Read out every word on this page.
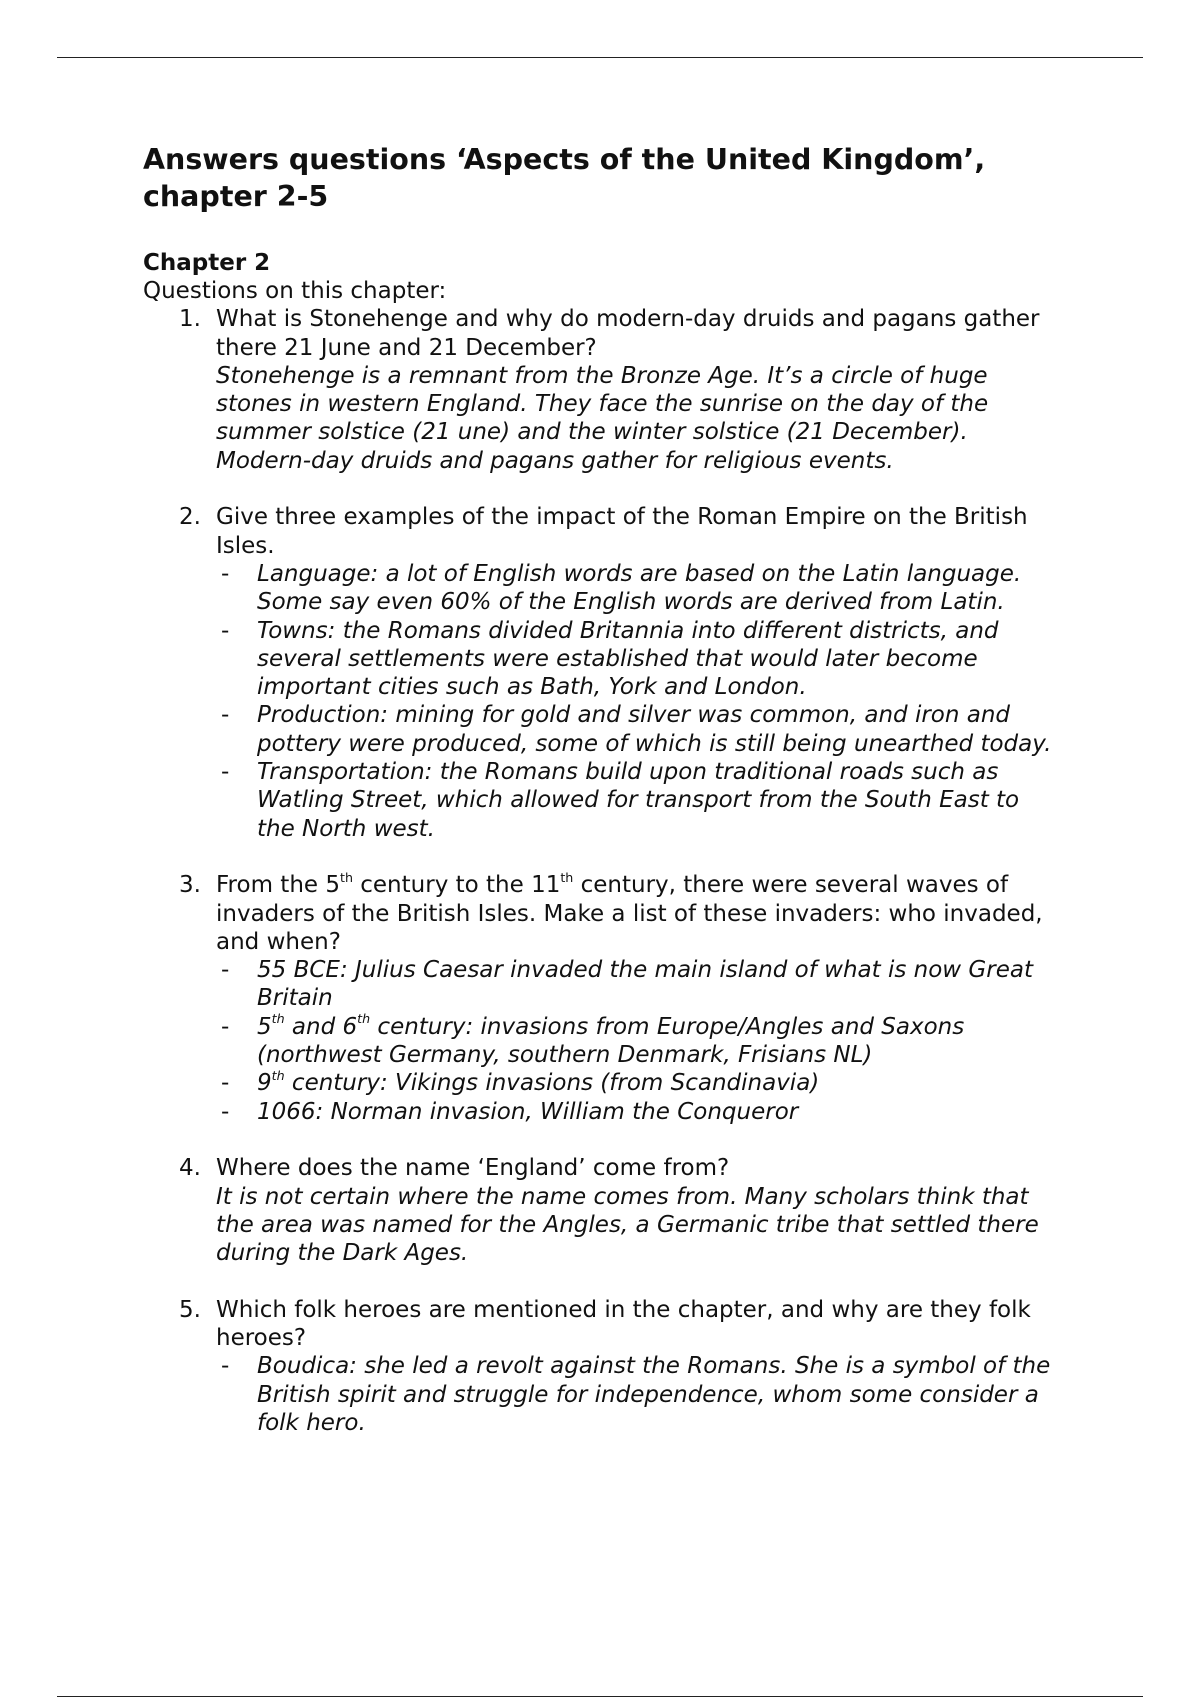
Answers questions ‘Aspects of the United Kingdom’, chapter 2-5
Chapter 2
Questions on this chapter:
1. What is Stonehenge and why do modern-day druids and pagans gather there 21 June and 21 December?
Stonehenge is a remnant from the Bronze Age. It’s a circle of huge stones in western England. They face the sunrise on the day of the summer solstice (21 une) and the winter solstice (21 December). Modern-day druids and pagans gather for religious events.
2. Give three examples of the impact of the Roman Empire on the British Isles.
- Language: a lot of English words are based on the Latin language. Some say even 60% of the English words are derived from Latin.
- Towns: the Romans divided Britannia into different districts, and several settlements were established that would later become important cities such as Bath, York and London.
- Production: mining for gold and silver was common, and iron and pottery were produced, some of which is still being unearthed today.
- Transportation: the Romans build upon traditional roads such as Watling Street, which allowed for transport from the South East to the North west.
3. From the 5th century to the 11th century, there were several waves of invaders of the British Isles. Make a list of these invaders: who invaded, and when?
- 55 BCE: Julius Caesar invaded the main island of what is now Great Britain
- 5th and 6th century: invasions from Europe/Angles and Saxons (northwest Germany, southern Denmark, Frisians NL)
- 9th century: Vikings invasions (from Scandinavia)
- 1066: Norman invasion, William the Conqueror
4. Where does the name ‘England’ come from?
It is not certain where the name comes from. Many scholars think that the area was named for the Angles, a Germanic tribe that settled there during the Dark Ages.
5. Which folk heroes are mentioned in the chapter, and why are they folk heroes?
- Boudica: she led a revolt against the Romans. She is a symbol of the British spirit and struggle for independence, whom some consider a folk hero.
